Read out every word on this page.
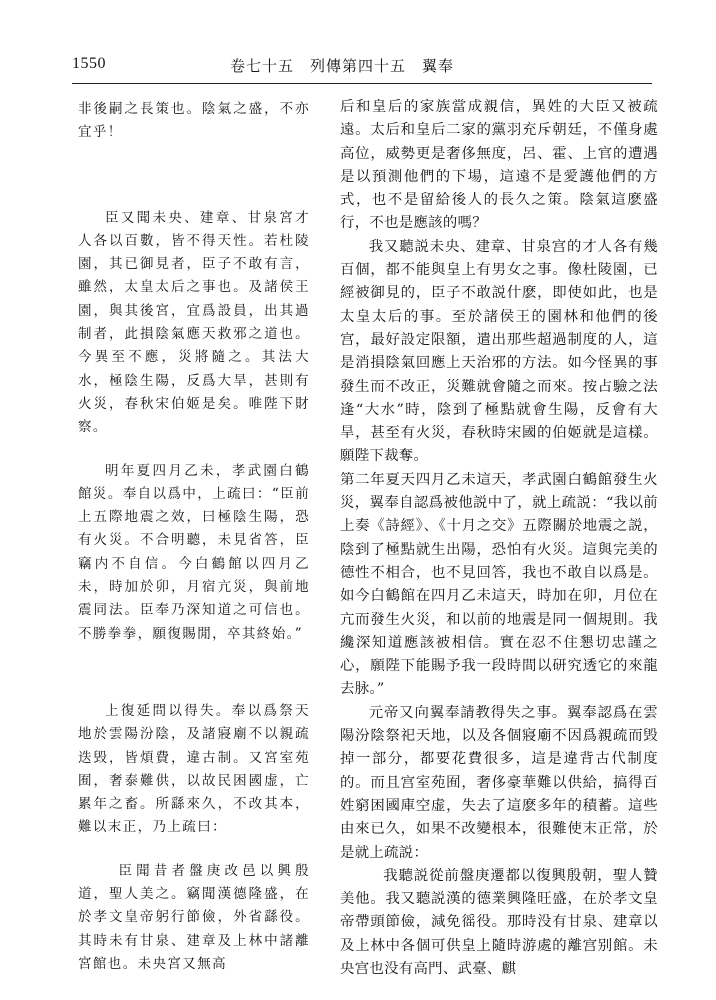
1550	卷七十五　列傳第四十五　翼奉

非後嗣之長策也。陰氣之盛，不亦宜乎！

臣又聞未央、建章、甘泉宮才人各以百數，皆不得天性。若杜陵園，其已御見者，臣子不敢有言，雖然，太皇太后之事也。及諸侯王園，與其後宮，宜爲設員，出其過制者，此損陰氣應天救邪之道也。今異至不應，災將隨之。其法大水，極陰生陽，反爲大旱，甚則有火災，春秋宋伯姬是矣。唯陛下財察。

明年夏四月乙未，孝武園白鶴館災。奉自以爲中，上疏曰：“臣前上五際地震之效，曰極陰生陽，恐有火災。不合明聽，未見省答，臣竊内不自信。今白鶴館以四月乙未，時加於卯，月宿亢災，與前地震同法。臣奉乃深知道之可信也。不勝拳拳，願復賜閒，卒其終始。”

上復延問以得失。奉以爲祭天地於雲陽汾陰，及諸寢廟不以親疏迭毁，皆煩費，違古制。又宮室苑囿，奢泰難供，以故民困國虚，亡累年之畜。所繇來久，不改其本，難以末正，乃上疏曰：

臣聞昔者盤庚改邑以興殷道，聖人美之。竊聞漢德隆盛，在於孝文皇帝躬行節儉，外省繇役。其時未有甘泉、建章及上林中諸離宮館也。未央宮又無高

后和皇后的家族當成親信，異姓的大臣又被疏遠。太后和皇后二家的黨羽充斥朝廷，不僅身處高位，威勢更是奢侈無度，呂、霍、上官的遭遇是以預測他們的下場，這遠不是愛護他們的方式，也不是留給後人的長久之策。陰氣這麽盛行，不也是應該的嗎？

我又聽説未央、建章、甘泉宫的才人各有幾百個，都不能與皇上有男女之事。像杜陵園，已經被御見的，臣子不敢説什麽，即使如此，也是太皇太后的事。至於諸侯王的園林和他們的後宫，最好設定限額，遣出那些超過制度的人，這是消損陰氣回應上天治邪的方法。如今怪異的事發生而不改正，災難就會隨之而來。按占驗之法逢“大水”時，陰到了極點就會生陽，反會有大旱，甚至有火災，春秋時宋國的伯姬就是這樣。願陛下裁奪。

第二年夏天四月乙未這天，孝武園白鶴館發生火災，翼奉自認爲被他説中了，就上疏説：“我以前上奏《詩經》、《十月之交》五際關於地震之説，陰到了極點就生出陽，恐怕有火災。這與完美的德性不相合，也不見回答，我也不敢自以爲是。如今白鶴館在四月乙未這天，時加在卯，月位在亢而發生火災，和以前的地震是同一個規則。我纔深知道應該被相信。實在忍不住懇切忠謹之心，願陛下能賜予我一段時間以研究透它的來龍去脉。”

元帝又向翼奉請教得失之事。翼奉認爲在雲陽汾陰祭祀天地，以及各個寢廟不因爲親疏而毁掉一部分，都要花費很多，這是違背古代制度的。而且宫室苑囿，奢侈豪華難以供給，搞得百姓窮困國庫空虚，失去了這麽多年的積蓄。這些由來已久，如果不改變根本，很難使末正常，於是就上疏説：

我聽説從前盤庚遷都以復興殷朝，聖人贊美他。我又聽説漢的德業興隆旺盛，在於孝文皇帝帶頭節儉，減免徭役。那時没有甘泉、建章以及上林中各個可供皇上隨時游處的離宫别館。未央宫也没有高門、武臺、麒
